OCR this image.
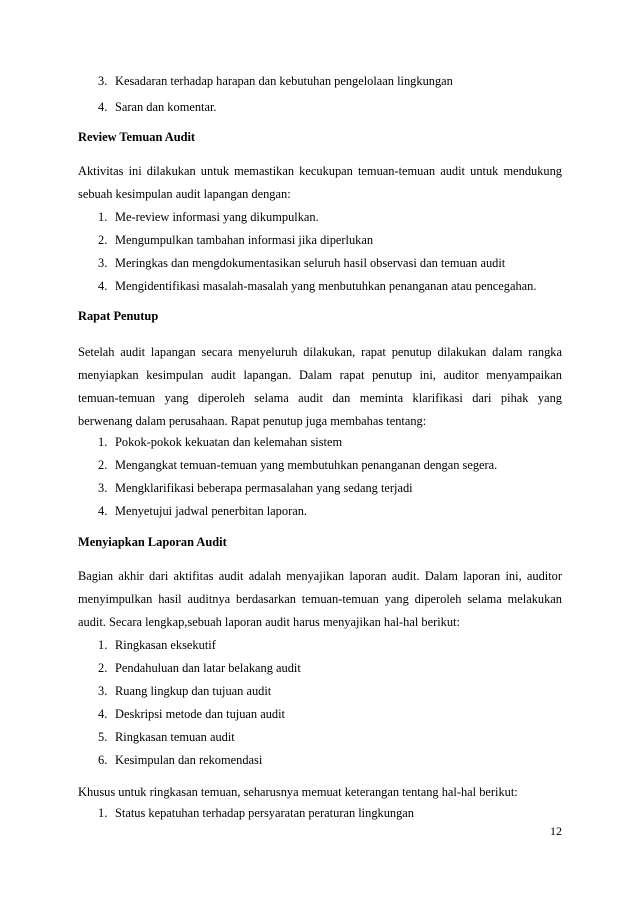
3. Kesadaran terhadap harapan dan kebutuhan pengelolaan lingkungan
4. Saran dan komentar.
Review Temuan Audit
Aktivitas ini dilakukan untuk memastikan kecukupan temuan-temuan audit untuk mendukung
sebuah kesimpulan audit lapangan dengan:
1. Me-review informasi yang dikumpulkan.
2. Mengumpulkan tambahan informasi jika diperlukan
3. Meringkas dan mengdokumentasikan seluruh hasil observasi dan temuan audit
4. Mengidentifikasi masalah-masalah yang menbutuhkan penanganan atau pencegahan.
Rapat Penutup
Setelah audit lapangan secara menyeluruh dilakukan, rapat penutup dilakukan dalam rangka
menyiapkan kesimpulan audit lapangan. Dalam rapat penutup ini, auditor menyampaikan
temuan-temuan yang diperoleh selama audit dan meminta klarifikasi dari pihak yang
berwenang dalam perusahaan. Rapat penutup juga membahas tentang:
1. Pokok-pokok kekuatan dan kelemahan sistem
2. Mengangkat temuan-temuan yang membutuhkan penanganan dengan segera.
3. Mengklarifikasi beberapa permasalahan yang sedang terjadi
4. Menyetujui jadwal penerbitan laporan.
Menyiapkan Laporan Audit
Bagian akhir dari aktifitas audit adalah menyajikan laporan audit. Dalam laporan ini, auditor
menyimpulkan hasil auditnya berdasarkan temuan-temuan yang diperoleh selama melakukan
audit. Secara lengkap,sebuah laporan audit harus menyajikan hal-hal berikut:
1. Ringkasan eksekutif
2. Pendahuluan dan latar belakang audit
3. Ruang lingkup dan tujuan audit
4. Deskripsi metode dan tujuan audit
5. Ringkasan temuan audit
6. Kesimpulan dan rekomendasi
Khusus untuk ringkasan temuan, seharusnya memuat keterangan tentang hal-hal berikut:
1. Status kepatuhan terhadap persyaratan peraturan lingkungan
12
